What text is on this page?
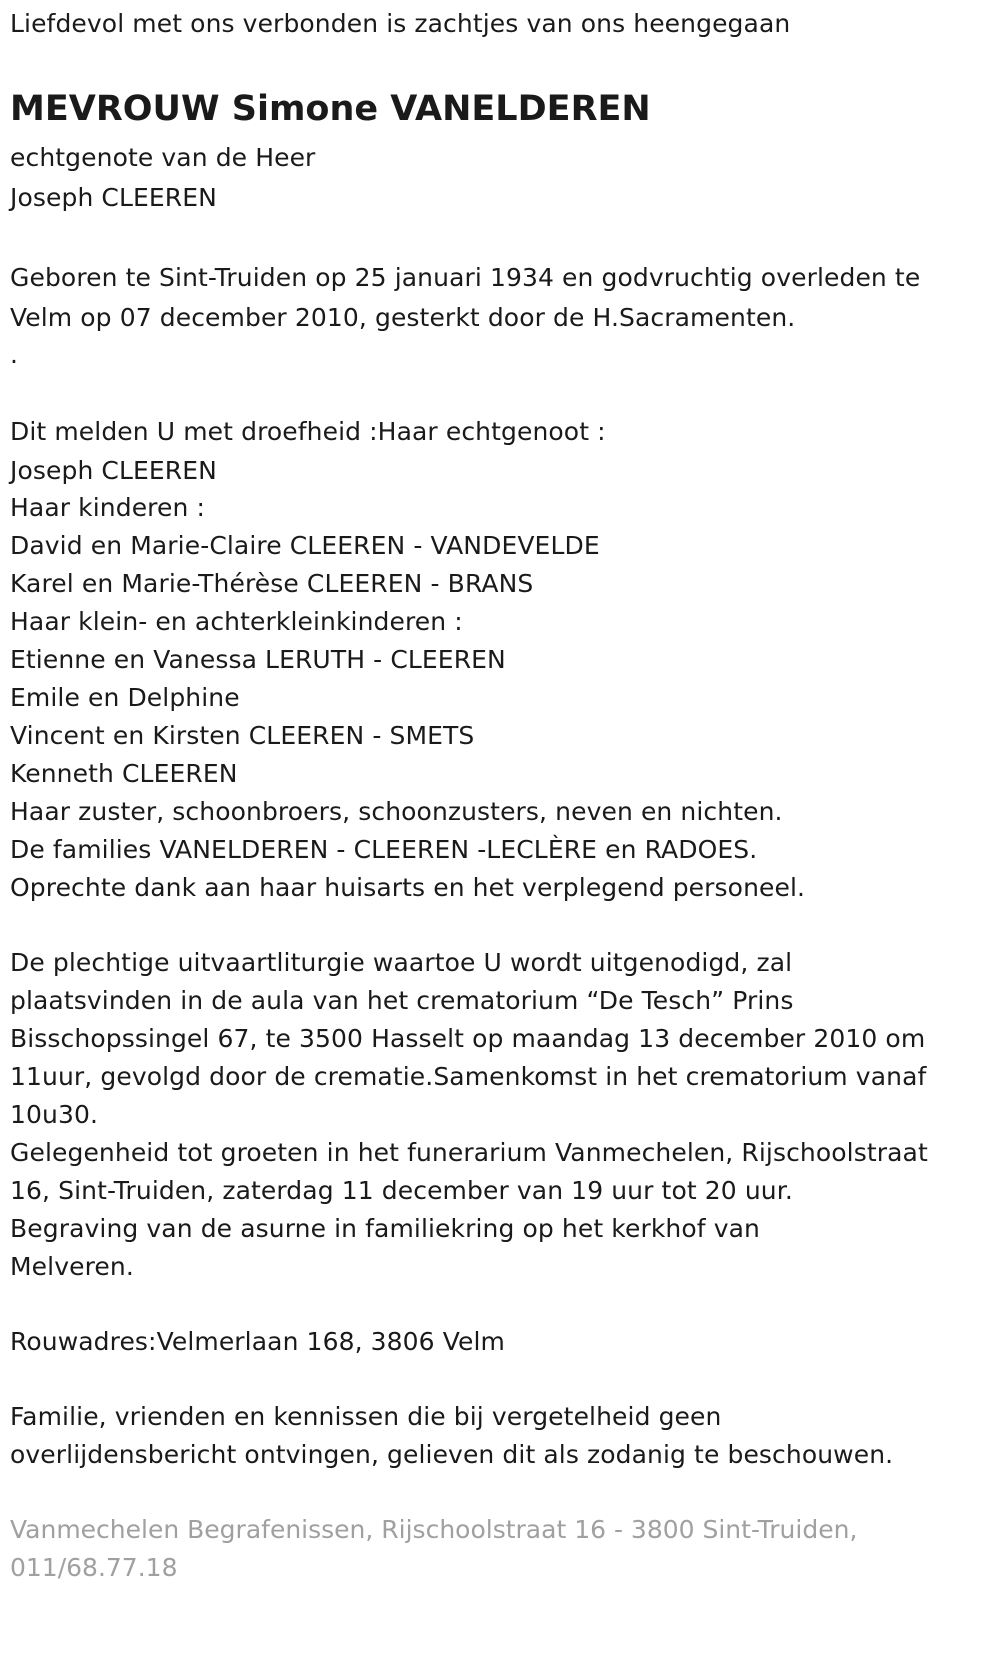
Liefdevol met ons verbonden is zachtjes van ons heengegaan
MEVROUW Simone VANELDEREN
echtgenote van de Heer
Joseph CLEEREN
Geboren te Sint-Truiden op 25 januari 1934 en godvruchtig overleden te
Velm op 07 december 2010, gesterkt door de H.Sacramenten.
.
Dit melden U met droefheid :Haar echtgenoot :
Joseph CLEEREN
Haar kinderen :
David en Marie-Claire CLEEREN - VANDEVELDE
Karel en Marie-Thérèse CLEEREN - BRANS
Haar klein- en achterkleinkinderen :
Etienne en Vanessa LERUTH - CLEEREN
Emile en Delphine
Vincent en Kirsten CLEEREN - SMETS
Kenneth CLEEREN
Haar zuster, schoonbroers, schoonzusters, neven en nichten.
De families VANELDEREN - CLEEREN -LECLÈRE en RADOES.
Oprechte dank aan haar huisarts en het verplegend personeel.
De plechtige uitvaartliturgie waartoe U wordt uitgenodigd, zal
plaatsvinden in de aula van het crematorium “De Tesch” Prins
Bisschopssingel 67, te 3500 Hasselt op maandag 13 december 2010 om
11uur, gevolgd door de crematie.Samenkomst in het crematorium vanaf
10u30.
Gelegenheid tot groeten in het funerarium Vanmechelen, Rijschoolstraat
16, Sint-Truiden, zaterdag 11 december van 19 uur tot 20 uur.
Begraving van de asurne in familiekring op het kerkhof van
Melveren.
Rouwadres:Velmerlaan 168, 3806 Velm
Familie, vrienden en kennissen die bij vergetelheid geen
overlijdensbericht ontvingen, gelieven dit als zodanig te beschouwen.
Vanmechelen Begrafenissen, Rijschoolstraat 16 - 3800 Sint-Truiden,
011/68.77.18
